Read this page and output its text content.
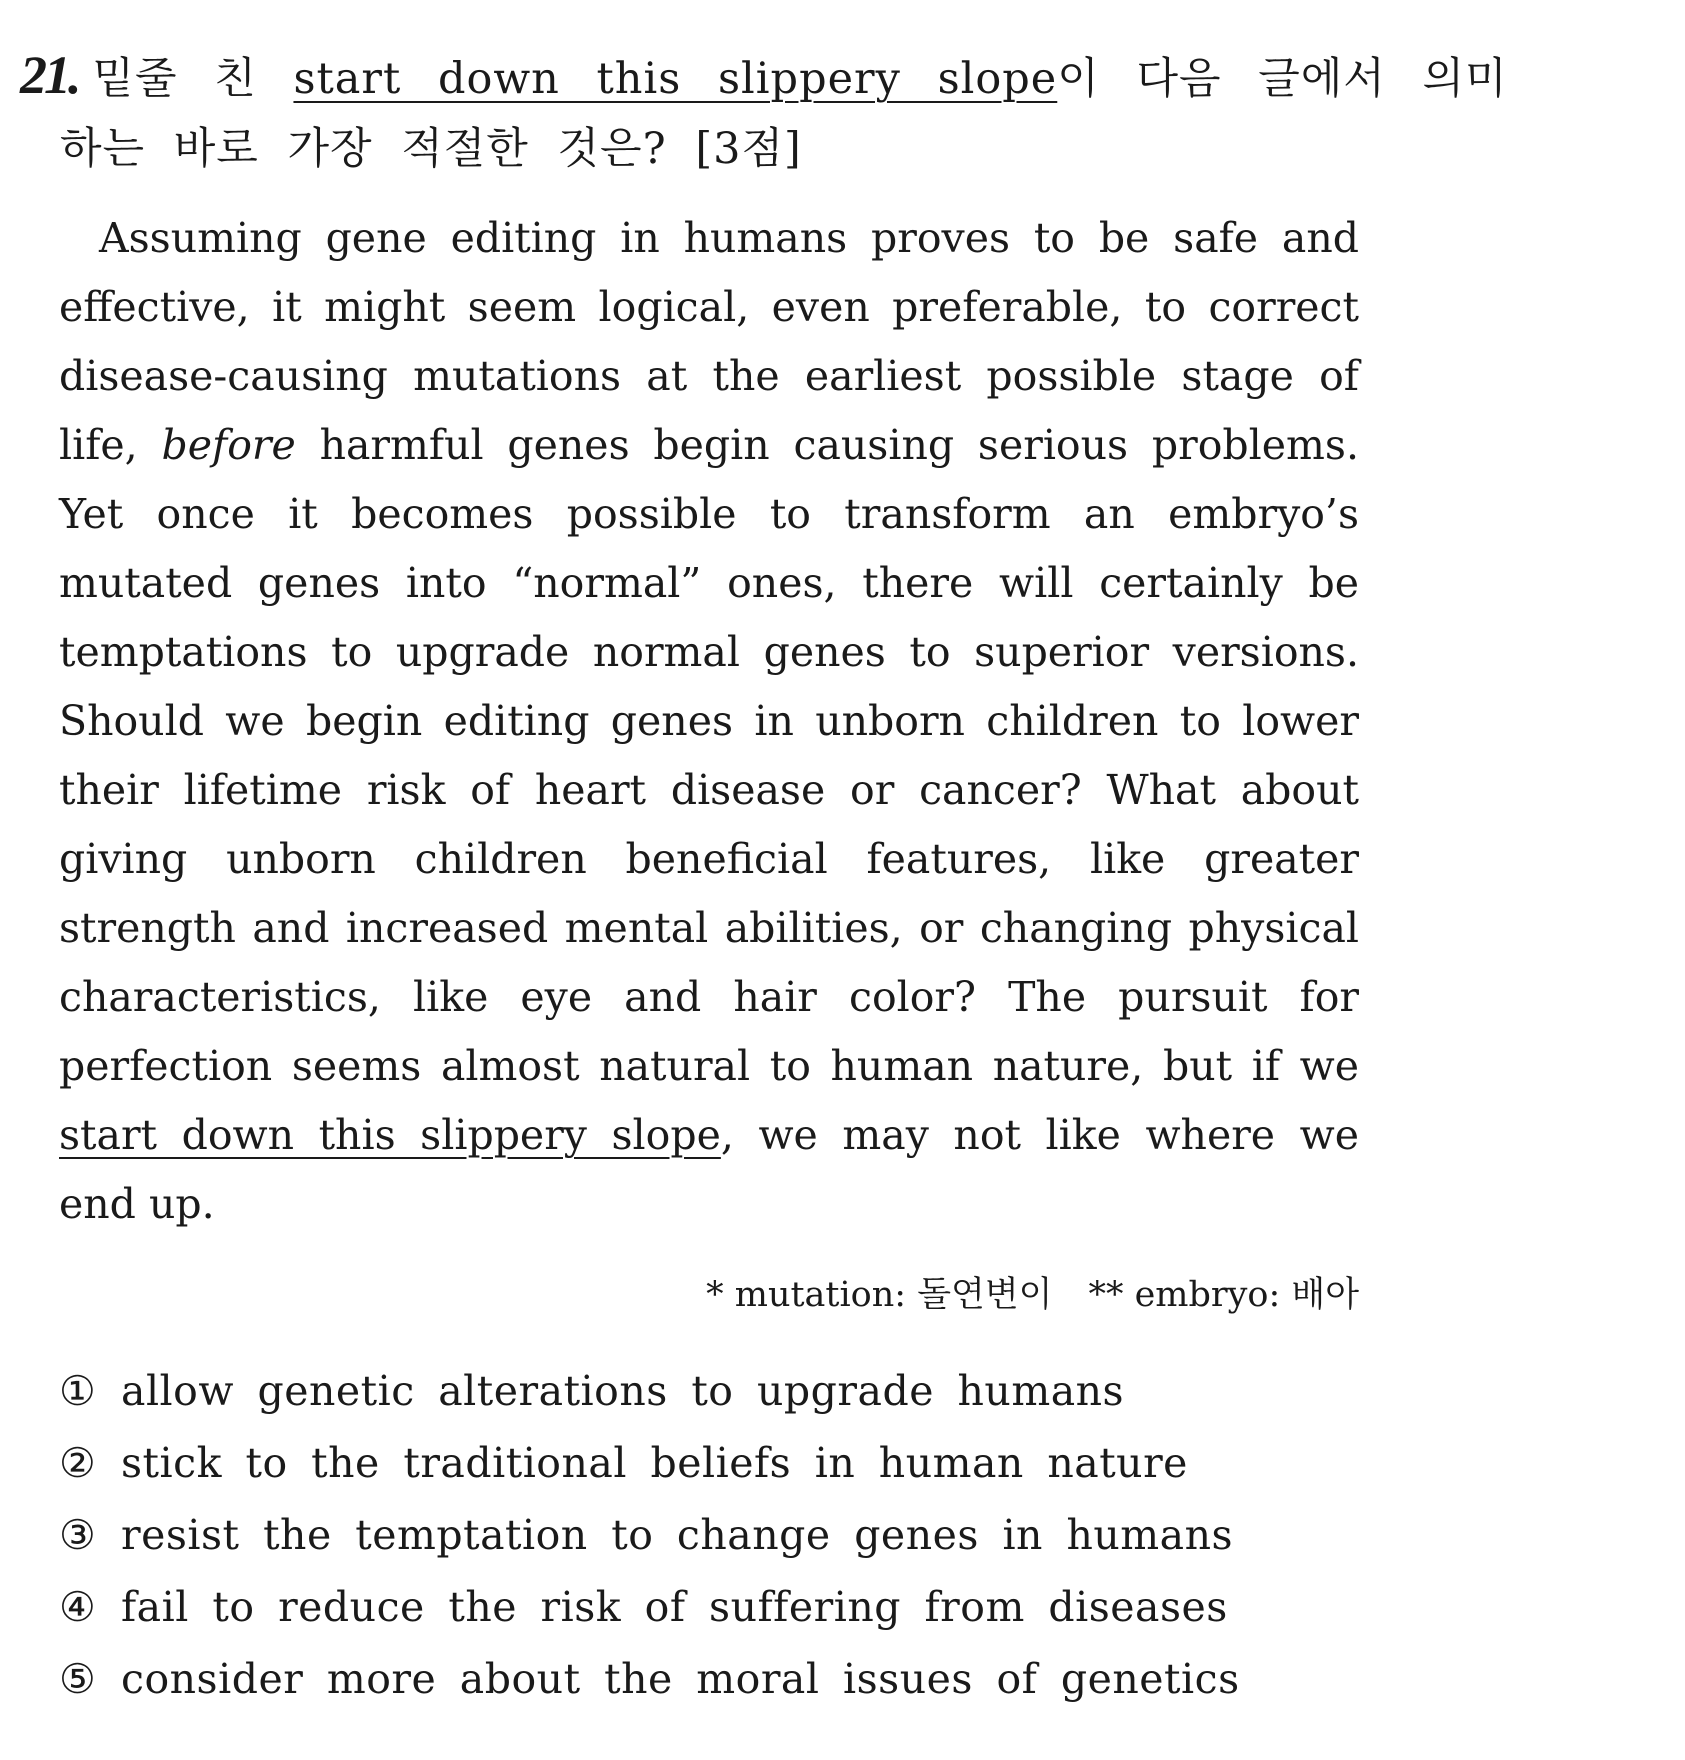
21. 밑줄 친 start down this slippery slope이 다음 글에서 의미
하는 바로 가장 적절한 것은? [3점]
Assuming gene editing in humans proves to be safe and
effective, it might seem logical, even preferable, to correct
disease-causing mutations at the earliest possible stage of
life, before harmful genes begin causing serious problems.
Yet once it becomes possible to transform an embryo’s
mutated genes into “normal” ones, there will certainly be
temptations to upgrade normal genes to superior versions.
Should we begin editing genes in unborn children to lower
their lifetime risk of heart disease or cancer? What about
giving unborn children beneficial features, like greater
strength and increased mental abilities, or changing physical
characteristics, like eye and hair color? The pursuit for
perfection seems almost natural to human nature, but if we
start down this slippery slope, we may not like where we
end up.
* mutation: 돌연변이 ** embryo: 배아
① allow genetic alterations to upgrade humans
② stick to the traditional beliefs in human nature
③ resist the temptation to change genes in humans
④ fail to reduce the risk of suffering from diseases
⑤ consider more about the moral issues of genetics
